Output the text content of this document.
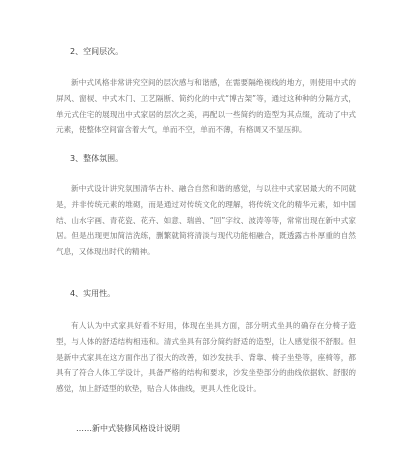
2、空间层次。

新中式风格非常讲究空间的层次感与和谐感，在需要隔绝视线的地方，则使用中式的屏风、窗棂、中式木门、工艺隔断、简约化的中式“博古架”等，通过这种种的分隔方式，单元式住宅的展现出中式家居的层次之美，再配以一些简约的造型为其点缀，流动了中式元素，使整体空间富含着大气，单而不空，单而不薄，有格调又不显压抑。

3、整体氛围。

新中式设计讲究氛围清华古朴、融合自然和谐的感觉，与以往中式家居最大的不同就是，并非传统元素的堆砌，而是通过对传统文化的理解，将传统文化的精华元素，如中国结、山水字画、青花瓷、花卉、如意、瑞兽、“回”字纹、波涛等等，常常出现在新中式家居。但是出现更加简洁洗练，删繁就简将清淡与现代功能相融合，既透露古朴厚重的自然气息，又体现出时代的精神。

4、实用性。

有人认为中式家具好看不好用，体现在坐具方面，部分明式坐具的确存在分椅子造型，与人体的舒适结构相违和。清式坐具有部分简约舒适的造型，让人感觉很不舒服。但是新中式家具在这方面作出了很大的改善，如沙发扶手、背靠、椅子坐垫等，座椅等，都具有了符合人体工学设计，具备严格的结构和要求，沙发坐垫部分的曲线依据软、舒服的感觉，加上舒适型的软垫，贴合人体曲线，更具人性化设计。

……新中式装修风格设计说明
